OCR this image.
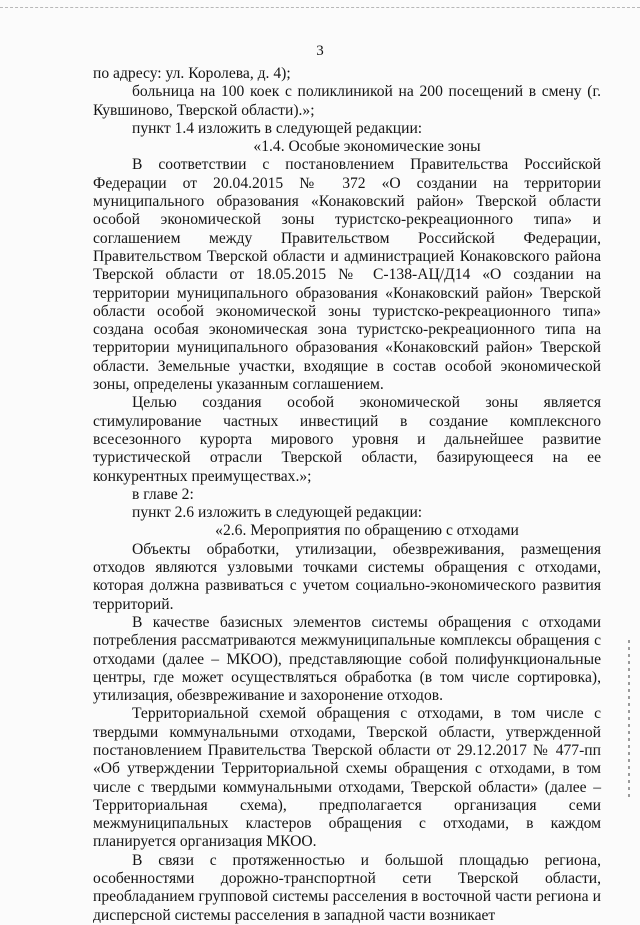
3

по адресу: ул. Королева, д. 4);

больница на 100 коек с поликлиникой на 200 посещений в смену (г. Кувшиново, Тверской области).»;

пункт 1.4 изложить в следующей редакции:

«1.4. Особые экономические зоны

В соответствии с постановлением Правительства Российской Федерации от 20.04.2015 № 372 «О создании на территории муниципального образования «Конаковский район» Тверской области особой экономической зоны туристско-рекреационного типа» и соглашением между Правительством Российской Федерации, Правительством Тверской области и администрацией Конаковского района Тверской области от 18.05.2015 № С-138-АЦ/Д14 «О создании на территории муниципального образования «Конаковский район» Тверской области особой экономической зоны туристско-рекреационного типа» создана особая экономическая зона туристско-рекреационного типа на территории муниципального образования «Конаковский район» Тверской области. Земельные участки, входящие в состав особой экономической зоны, определены указанным соглашением.

Целью создания особой экономической зоны является стимулирование частных инвестиций в создание комплексного всесезонного курорта мирового уровня и дальнейшее развитие туристической отрасли Тверской области, базирующееся на ее конкурентных преимуществах.»;

в главе 2:

пункт 2.6 изложить в следующей редакции:

«2.6. Мероприятия по обращению с отходами

Объекты обработки, утилизации, обезвреживания, размещения отходов являются узловыми точками системы обращения с отходами, которая должна развиваться с учетом социально-экономического развития территорий.

В качестве базисных элементов системы обращения с отходами потребления рассматриваются межмуниципальные комплексы обращения с отходами (далее – МКОО), представляющие собой полифункциональные центры, где может осуществляться обработка (в том числе сортировка), утилизация, обезвреживание и захоронение отходов.

Территориальной схемой обращения с отходами, в том числе с твердыми коммунальными отходами, Тверской области, утвержденной постановлением Правительства Тверской области от 29.12.2017 № 477-пп «Об утверждении Территориальной схемы обращения с отходами, в том числе с твердыми коммунальными отходами, Тверской области» (далее – Территориальная схема), предполагается организация семи межмуниципальных кластеров обращения с отходами, в каждом планируется организация МКОО.

В связи с протяженностью и большой площадью региона, особенностями дорожно-транспортной сети Тверской области, преобладанием групповой системы расселения в восточной части региона и дисперсной системы расселения в западной части возникает
